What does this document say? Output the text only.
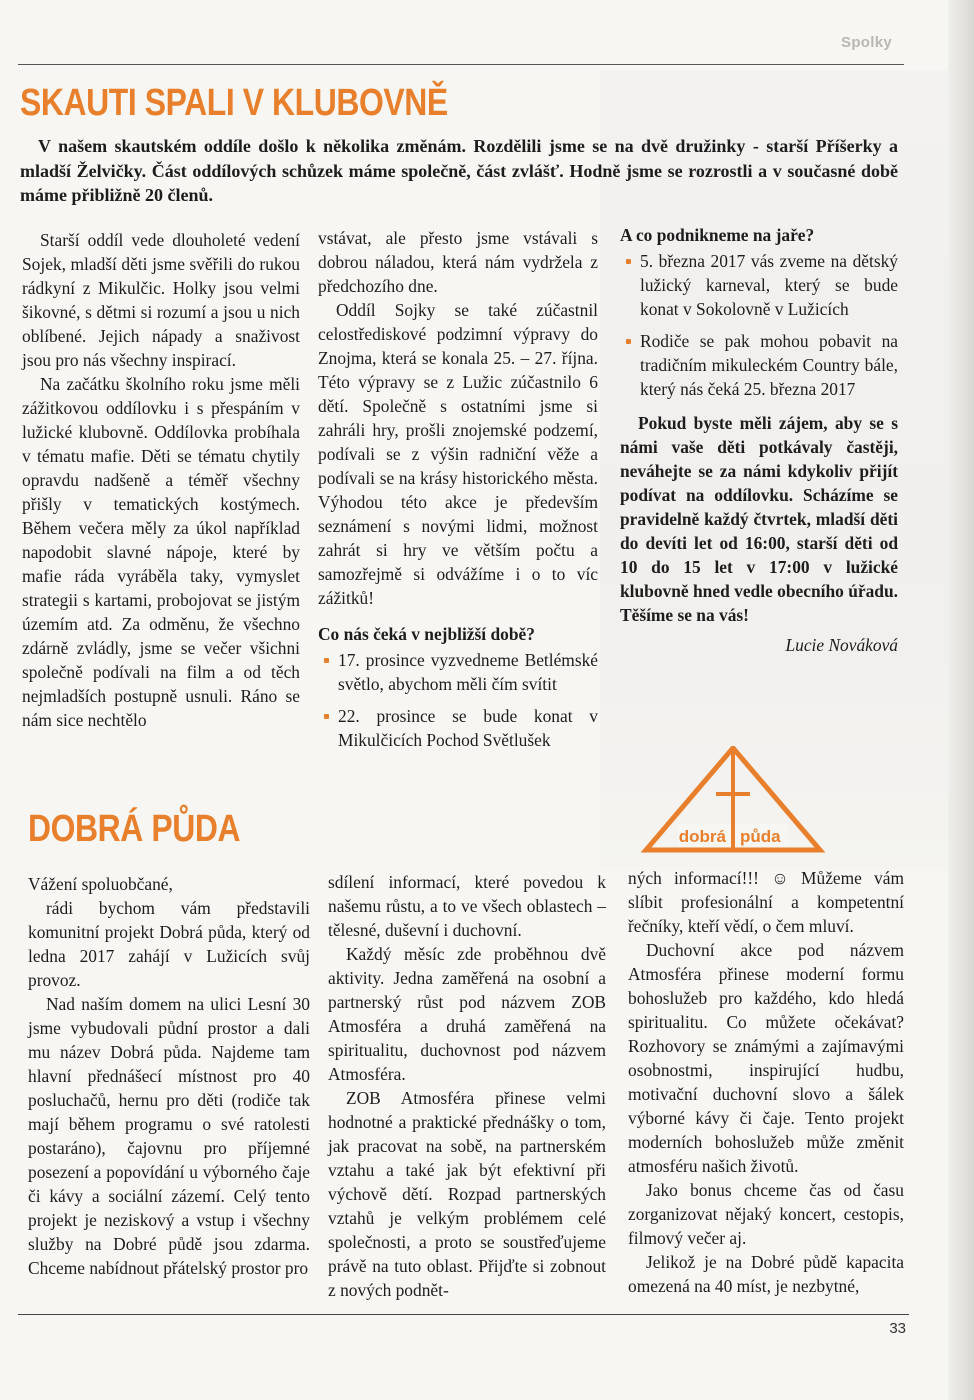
Spolky
SKAUTI SPALI V KLUBOVNĚ

V našem skautském oddíle došlo k několika změnám. Rozdělili jsme se na dvě družinky - starší Příšerky a mladší Želvičky. Část oddílových schůzek máme společně, část zvlášť. Hodně jsme se rozrostli a v současné době máme přibližně 20 členů.

Starší oddíl vede dlouholeté vedení Sojek, mladší děti jsme svěřili do rukou rádkyní z Mikulčic. Holky jsou velmi šikovné, s dětmi si rozumí a jsou u nich oblíbené. Jejich nápady a snaživost jsou pro nás všechny inspirací.

Na začátku školního roku jsme měli zážitkovou oddílovku i s přespáním v lužické klubovně. Oddílovka probíhala v tématu mafie. Děti se tématu chytily opravdu nadšeně a téměř všechny přišly v tematických kostýmech. Během večera měly za úkol například napodobit slavné nápoje, které by mafie ráda vyráběla taky, vymyslet strategii s kartami, probojovat se jistým územím atd. Za odměnu, že všechno zdárně zvládly, jsme se večer všichni společně podívali na film a od těch nejmladších postupně usnuli. Ráno se nám sice nechtělo

vstávat, ale přesto jsme vstávali s dobrou náladou, která nám vydržela z předchozího dne.

Oddíl Sojky se také zúčastnil celostřediskové podzimní výpravy do Znojma, která se konala 25. – 27. října. Této výpravy se z Lužic zúčastnilo 6 dětí. Společně s ostatními jsme si zahráli hry, prošli znojemské podzemí, podívali se z výšin radniční věže a podívali se na krásy historického města. Výhodou této akce je především seznámení s novými lidmi, možnost zahrát si hry ve větším počtu a samozřejmě si odvážíme i o to víc zážitků!

Co nás čeká v nejbližší době?

17. prosince vyzvedneme Betlémské světlo, abychom měli čím svítit
22. prosince se bude konat v Mikulčicích Pochod Světlušek

A co podnikneme na jaře?

5. března 2017 vás zveme na dětský lužický karneval, který se bude konat v Sokolovně v Lužicích
Rodiče se pak mohou pobavit na tradičním mikuleckém Country bále, který nás čeká 25. března 2017

Pokud byste měli zájem, aby se s námi vaše děti potkávaly častěji, neváhejte se za námi kdykoliv přijít podívat na oddílovku. Scházíme se pravidelně každý čtvrtek, mladší děti do devíti let od 16:00, starší děti od 10 do 15 let v 17:00 v lužické klubovně hned vedle obecního úřadu. Těšíme se na vás!

Lucie Nováková

dobrá půda
DOBRÁ PŮDA

Vážení spoluobčané,

rádi bychom vám představili komunitní projekt Dobrá půda, který od ledna 2017 zahájí v Lužicích svůj provoz.

Nad naším domem na ulici Lesní 30 jsme vybudovali půdní prostor a dali mu název Dobrá půda. Najdeme tam hlavní přednášecí místnost pro 40 posluchačů, hernu pro děti (rodiče tak mají během programu o své ratolesti postaráno), čajovnu pro příjemné posezení a popovídání u výborného čaje či kávy a sociální zázemí. Celý tento projekt je neziskový a vstup i všechny služby na Dobré půdě jsou zdarma. Chceme nabídnout přátelský prostor pro

sdílení informací, které povedou k našemu růstu, a to ve všech oblastech – tělesné, duševní i duchovní.

Každý měsíc zde proběhnou dvě aktivity. Jedna zaměřená na osobní a partnerský růst pod názvem ZOB Atmosféra a druhá zaměřená na spiritualitu, duchovnost pod názvem Atmosféra.

ZOB Atmosféra přinese velmi hodnotné a praktické přednášky o tom, jak pracovat na sobě, na partnerském vztahu a také jak být efektivní při výchově dětí. Rozpad partnerských vztahů je velkým problémem celé společnosti, a proto se soustřeďujeme právě na tuto oblast. Přijďte si zobnout z nových podnět-

ných informací!!! ☺ Můžeme vám slíbit profesionální a kompetentní řečníky, kteří vědí, o čem mluví.

Duchovní akce pod názvem Atmosféra přinese moderní formu bohoslužeb pro každého, kdo hledá spiritualitu. Co můžete očekávat? Rozhovory se známými a zajímavými osobnostmi, inspirující hudbu, motivační duchovní slovo a šálek výborné kávy či čaje. Tento projekt moderních bohoslužeb může změnit atmosféru našich životů.

Jako bonus chceme čas od času zorganizovat nějaký koncert, cestopis, filmový večer aj.

Jelikož je na Dobré půdě kapacita omezená na 40 míst, je nezbytné,

33
